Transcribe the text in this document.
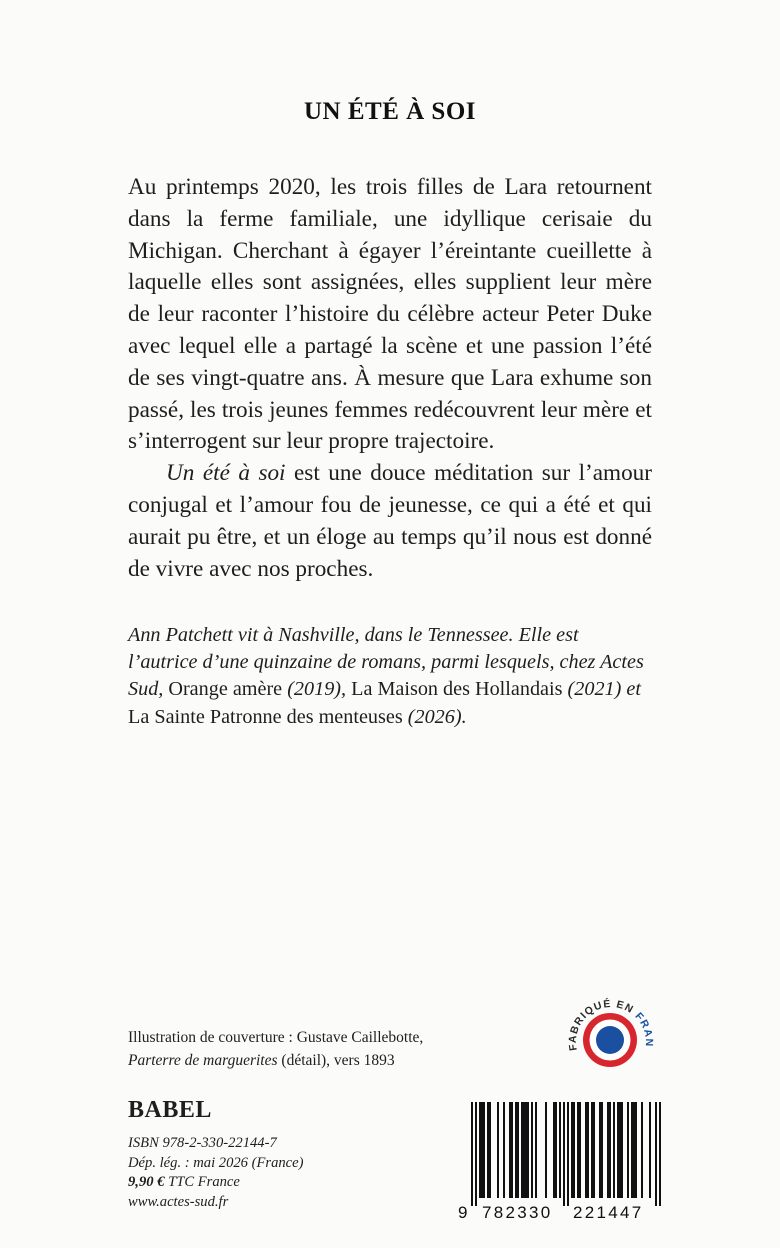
UN ÉTÉ À SOI

Au printemps 2020, les trois filles de Lara retournent dans la ferme familiale, une idyllique cerisaie du Michigan. Cherchant à égayer l’éreintante cueillette à laquelle elles sont assignées, elles supplient leur mère de leur raconter l’histoire du célèbre acteur Peter Duke avec lequel elle a partagé la scène et une passion l’été de ses vingt-quatre ans. À mesure que Lara exhume son passé, les trois jeunes femmes redécouvrent leur mère et s’interrogent sur leur propre trajectoire.

Un été à soi est une douce méditation sur l’amour conjugal et l’amour fou de jeunesse, ce qui a été et qui aurait pu être, et un éloge au temps qu’il nous est donné de vivre avec nos proches.

Ann Patchett vit à Nashville, dans le Tennessee. Elle est l’autrice d’une quinzaine de romans, parmi lesquels, chez Actes Sud, Orange amère (2019), La Maison des Hollandais (2021) et La Sainte Patronne des menteuses (2026).
Illustration de couverture : Gustave Caillebotte,
Parterre de marguerites (détail), vers 1893
BABEL
ISBN 978-2-330-22144-7
Dép. lég. : mai 2026 (France)
9,90 € TTC France
www.actes-sud.fr
FABRIQUÉ EN FRAN
9 782330 221447
